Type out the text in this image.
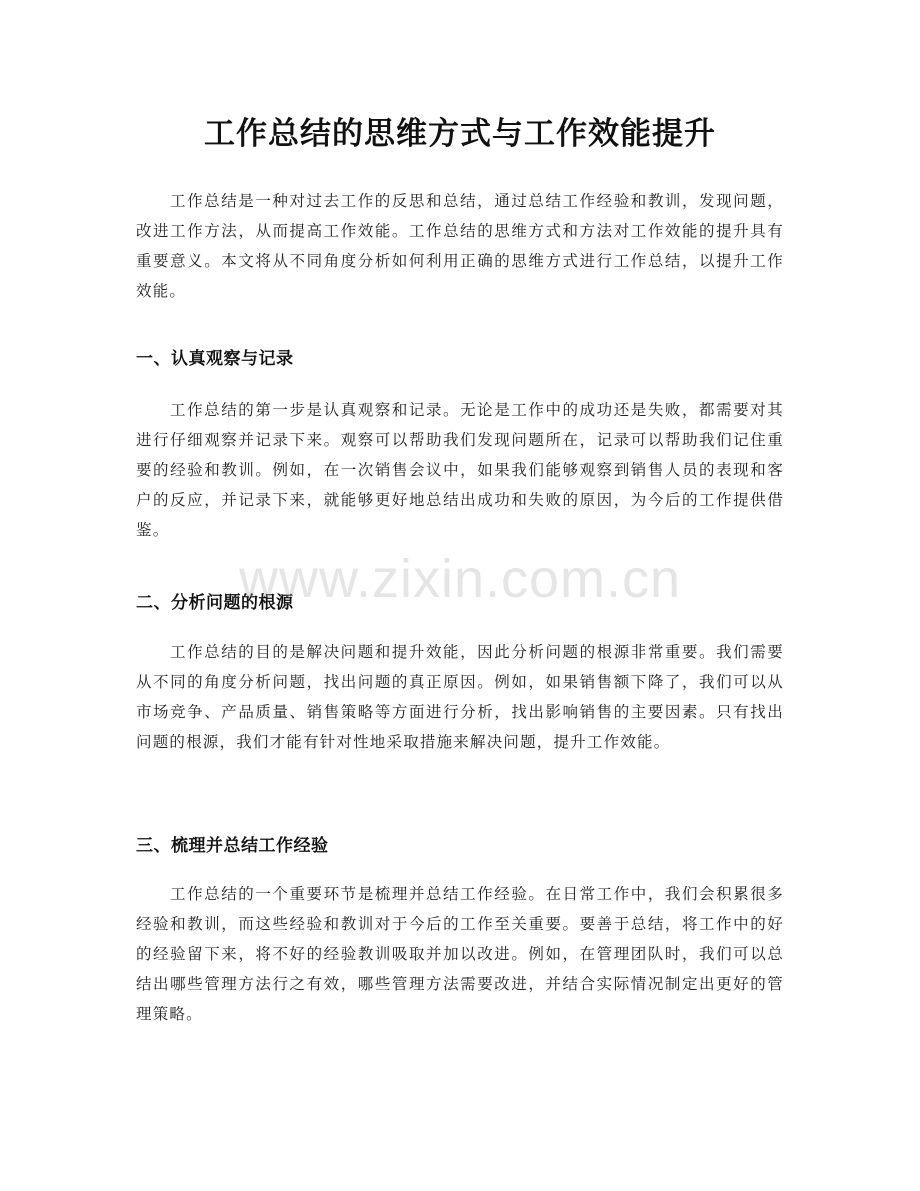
工作总结的思维方式与工作效能提升

工作总结是一种对过去工作的反思和总结，通过总结工作经验和教训，发现问题，改进工作方法，从而提高工作效能。工作总结的思维方式和方法对工作效能的提升具有重要意义。本文将从不同角度分析如何利用正确的思维方式进行工作总结，以提升工作效能。

一、认真观察与记录

工作总结的第一步是认真观察和记录。无论是工作中的成功还是失败，都需要对其进行仔细观察并记录下来。观察可以帮助我们发现问题所在，记录可以帮助我们记住重要的经验和教训。例如，在一次销售会议中，如果我们能够观察到销售人员的表现和客户的反应，并记录下来，就能够更好地总结出成功和失败的原因，为今后的工作提供借鉴。

二、分析问题的根源

工作总结的目的是解决问题和提升效能，因此分析问题的根源非常重要。我们需要从不同的角度分析问题，找出问题的真正原因。例如，如果销售额下降了，我们可以从市场竞争、产品质量、销售策略等方面进行分析，找出影响销售的主要因素。只有找出问题的根源，我们才能有针对性地采取措施来解决问题，提升工作效能。

三、梳理并总结工作经验

工作总结的一个重要环节是梳理并总结工作经验。在日常工作中，我们会积累很多经验和教训，而这些经验和教训对于今后的工作至关重要。要善于总结，将工作中的好的经验留下来，将不好的经验教训吸取并加以改进。例如，在管理团队时，我们可以总结出哪些管理方法行之有效，哪些管理方法需要改进，并结合实际情况制定出更好的管理策略。

www.zixin.com.cn
